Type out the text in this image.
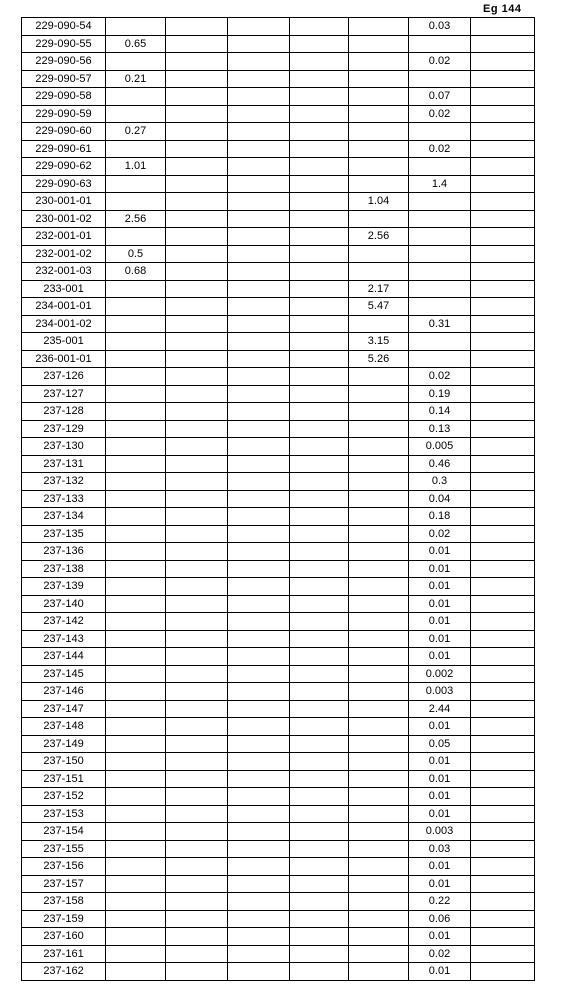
Еg 144
229-090-54						0.03	
229-090-55	0.65						
229-090-56						0.02	
229-090-57	0.21						
229-090-58						0.07	
229-090-59						0.02	
229-090-60	0.27						
229-090-61						0.02	
229-090-62	1.01						
229-090-63						1.4	
230-001-01					1.04		
230-001-02	2.56						
232-001-01					2.56		
232-001-02	0.5						
232-001-03	0.68						
233-001					2.17		
234-001-01					5.47		
234-001-02						0.31	
235-001					3.15		
236-001-01					5.26		
237-126						0.02	
237-127						0.19	
237-128						0.14	
237-129						0.13	
237-130						0.005	
237-131						0.46	
237-132						0.3	
237-133						0.04	
237-134						0.18	
237-135						0.02	
237-136						0.01	
237-138						0.01	
237-139						0.01	
237-140						0.01	
237-142						0.01	
237-143						0.01	
237-144						0.01	
237-145						0.002	
237-146						0.003	
237-147						2.44	
237-148						0.01	
237-149						0.05	
237-150						0.01	
237-151						0.01	
237-152						0.01	
237-153						0.01	
237-154						0.003	
237-155						0.03	
237-156						0.01	
237-157						0.01	
237-158						0.22	
237-159						0.06	
237-160						0.01	
237-161						0.02	
237-162						0.01	
